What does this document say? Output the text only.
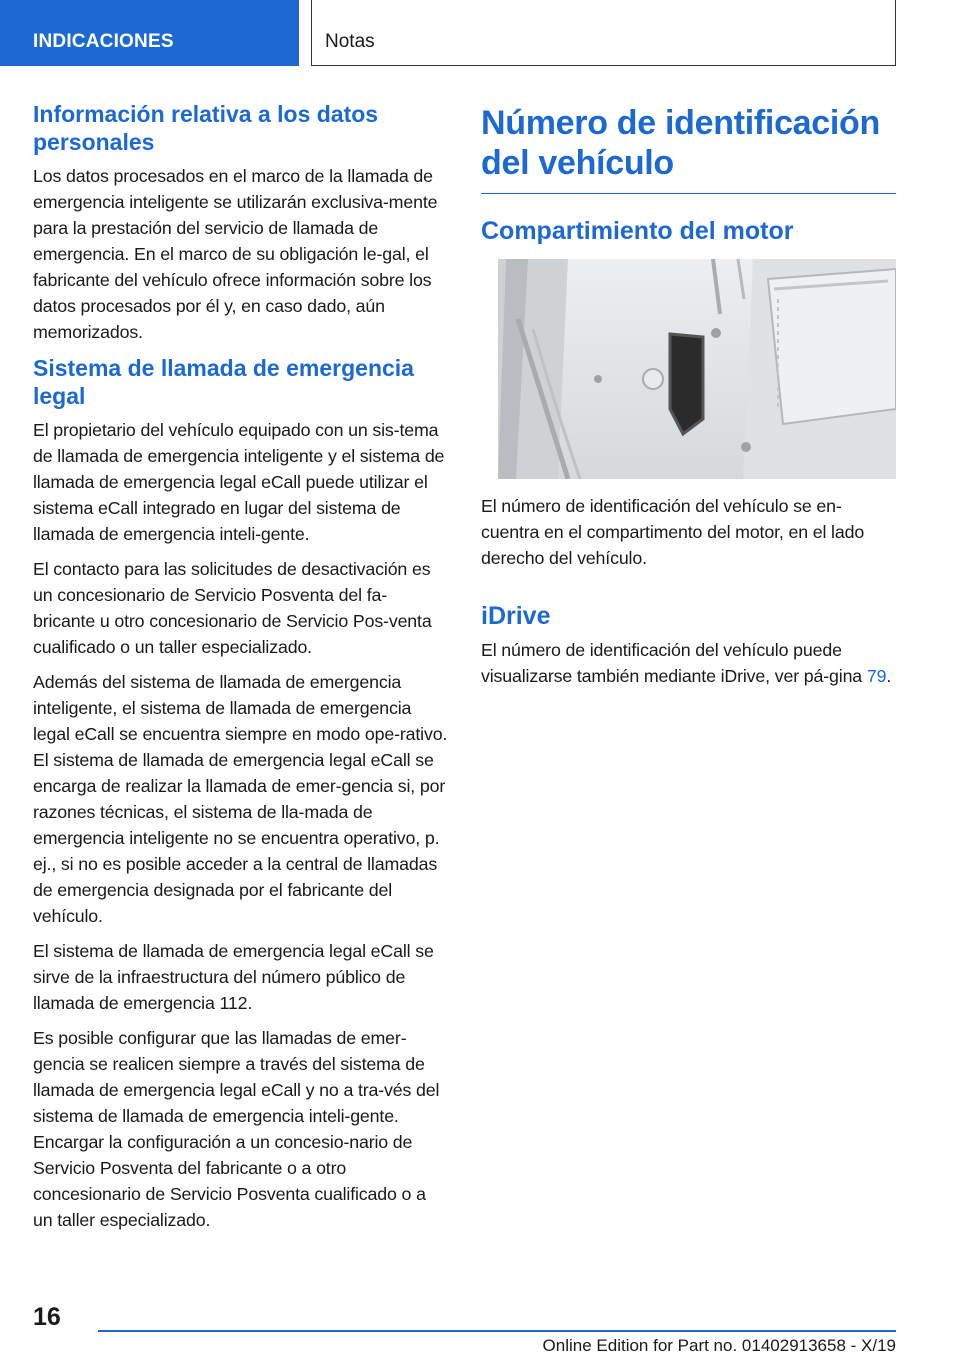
INDICACIONES	Notas
Información relativa a los datos personales
Los datos procesados en el marco de la llamada de emergencia inteligente se utilizarán exclusiva-mente para la prestación del servicio de llamada de emergencia. En el marco de su obligación le-gal, el fabricante del vehículo ofrece información sobre los datos procesados por él y, en caso dado, aún memorizados.
Sistema de llamada de emergencia legal
El propietario del vehículo equipado con un sis-tema de llamada de emergencia inteligente y el sistema de llamada de emergencia legal eCall puede utilizar el sistema eCall integrado en lugar del sistema de llamada de emergencia inteli-gente.
El contacto para las solicitudes de desactivación es un concesionario de Servicio Posventa del fa-bricante u otro concesionario de Servicio Pos-venta cualificado o un taller especializado.
Además del sistema de llamada de emergencia inteligente, el sistema de llamada de emergencia legal eCall se encuentra siempre en modo ope-rativo. El sistema de llamada de emergencia legal eCall se encarga de realizar la llamada de emer-gencia si, por razones técnicas, el sistema de lla-mada de emergencia inteligente no se encuentra operativo, p. ej., si no es posible acceder a la central de llamadas de emergencia designada por el fabricante del vehículo.
El sistema de llamada de emergencia legal eCall se sirve de la infraestructura del número público de llamada de emergencia 112.
Es posible configurar que las llamadas de emer-gencia se realicen siempre a través del sistema de llamada de emergencia legal eCall y no a tra-vés del sistema de llamada de emergencia inteli-gente. Encargar la configuración a un concesio-nario de Servicio Posventa del fabricante o a otro concesionario de Servicio Posventa cualificado o a un taller especializado.
Número de identificación del vehículo
Compartimiento del motor
El número de identificación del vehículo se en-cuentra en el compartimento del motor, en el lado derecho del vehículo.
iDrive
El número de identificación del vehículo puede visualizarse también mediante iDrive, ver pá-gina 79.
16
Online Edition for Part no. 01402913658 - X/19
